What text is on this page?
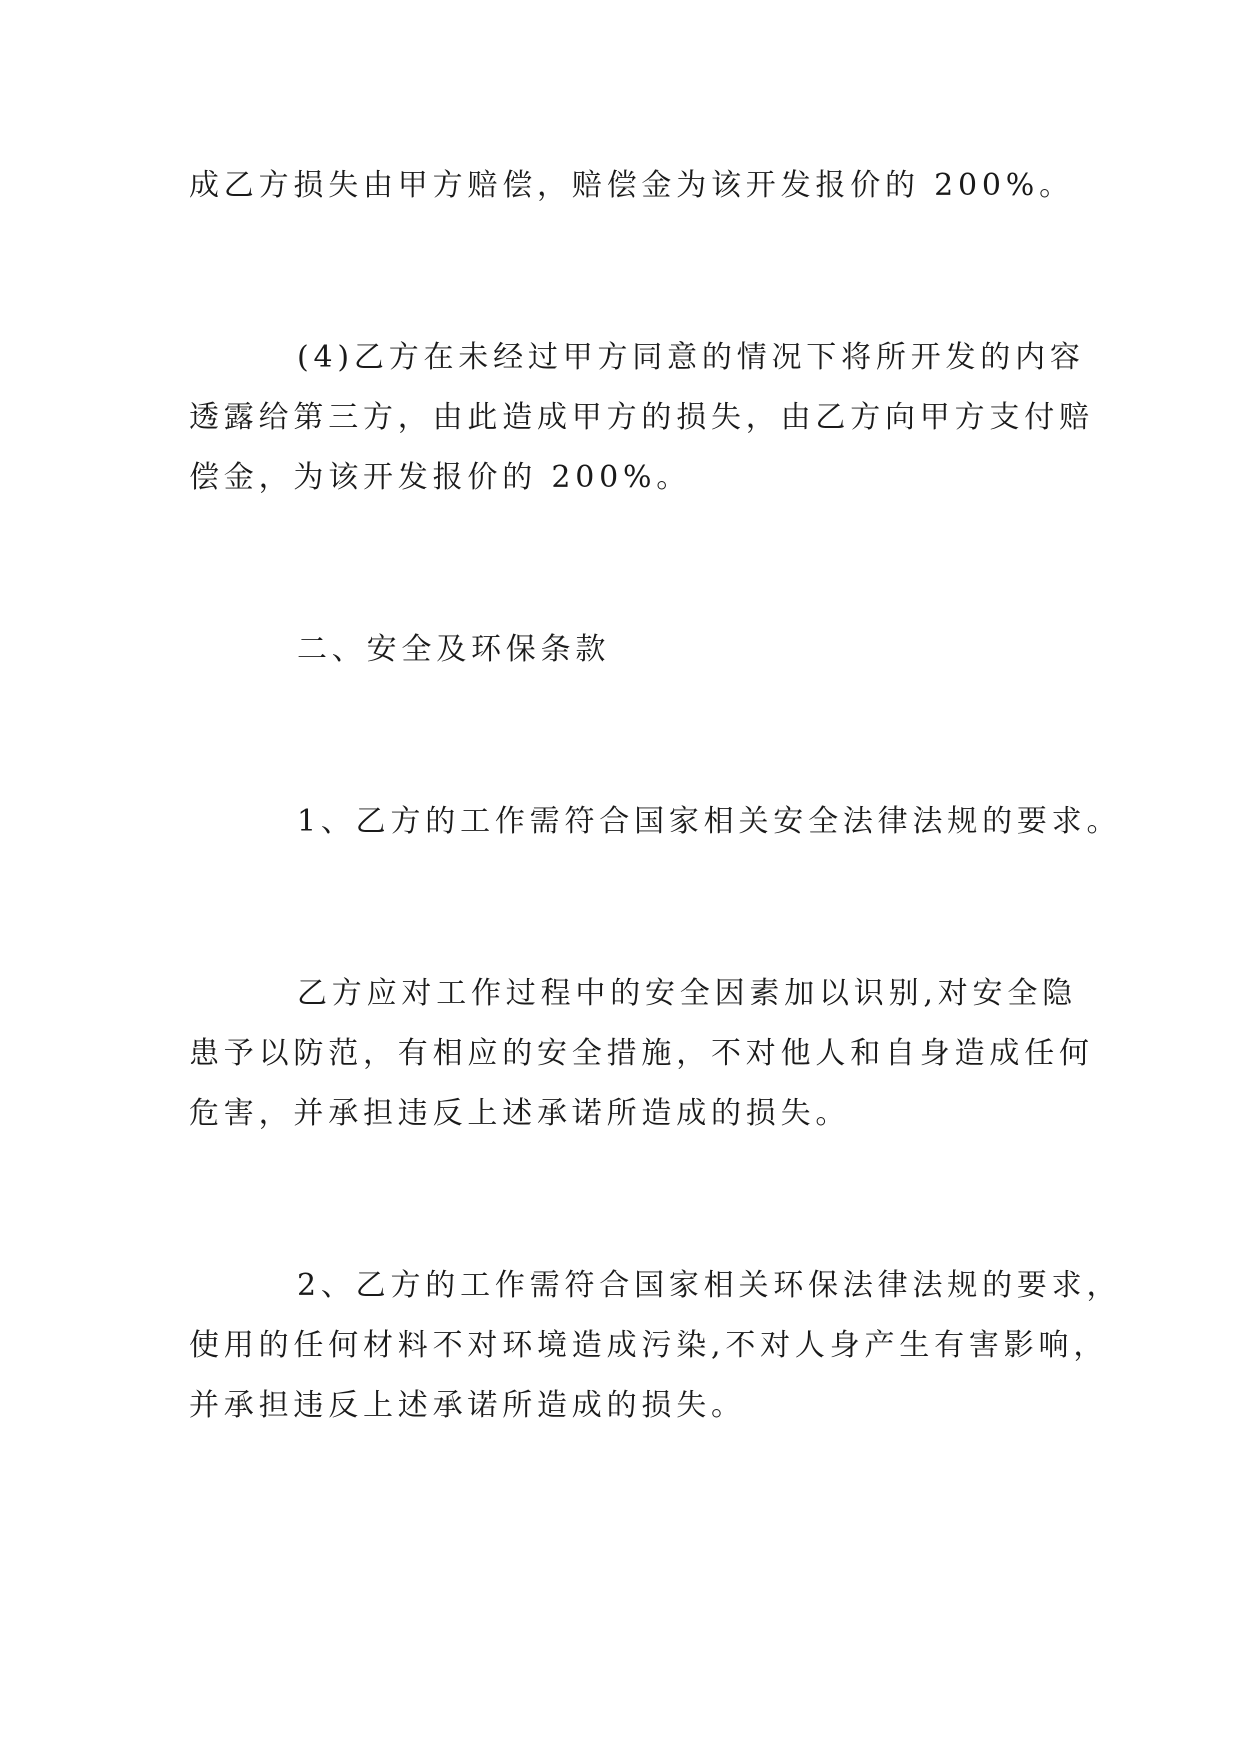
成乙方损失由甲方赔偿，赔偿金为该开发报价的 200%。
(4)乙方在未经过甲方同意的情况下将所开发的内容
透露给第三方，由此造成甲方的损失，由乙方向甲方支付赔
偿金，为该开发报价的 200%。
二、安全及环保条款
1、乙方的工作需符合国家相关安全法律法规的要求。
乙方应对工作过程中的安全因素加以识别,对安全隐
患予以防范，有相应的安全措施，不对他人和自身造成任何
危害，并承担违反上述承诺所造成的损失。
2、乙方的工作需符合国家相关环保法律法规的要求，
使用的任何材料不对环境造成污染,不对人身产生有害影响，
并承担违反上述承诺所造成的损失。
